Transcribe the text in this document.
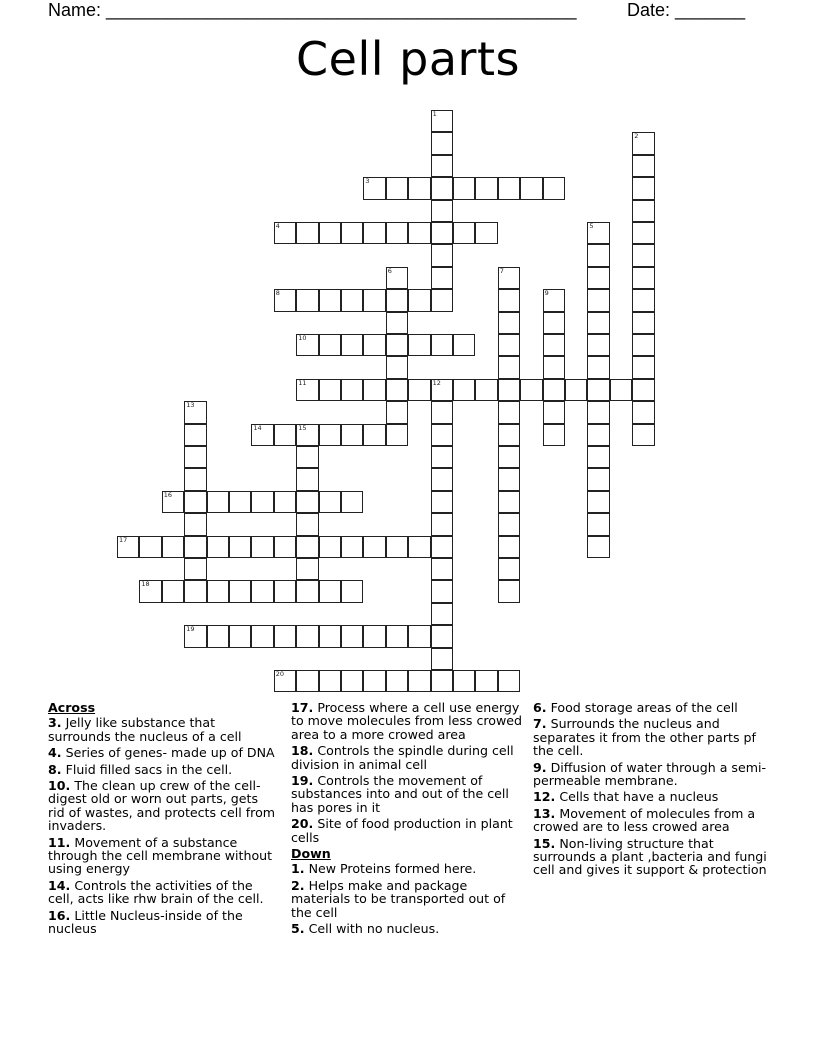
Name: _______________________________________________	Date: _______
Cell parts
1
2
3
4	5
6	7
8	9
10
11	12
13
14	15
16
17
18
19
20
Across
3. Jelly like substance that surrounds the nucleus of a cell
4. Series of genes- made up of DNA
8. Fluid filled sacs in the cell.
10. The clean up crew of the cell-digest old or worn out parts, gets rid of wastes, and protects cell from invaders.
11. Movement of a substance through the cell membrane without using energy
14. Controls the activities of the cell, acts like rhw brain of the cell.
16. Little Nucleus-inside of the nucleus
17. Process where a cell use energy to move molecules from less crowed area to a more crowed area
18. Controls the spindle during cell division in animal cell
19. Controls the movement of substances into and out of the cell has pores in it
20. Site of food production in plant cells
Down
1. New Proteins formed here.
2. Helps make and package materials to be transported out of the cell
5. Cell with no nucleus.
6. Food storage areas of the cell
7. Surrounds the nucleus and separates it from the other parts pf the cell.
9. Diffusion of water through a semi-permeable membrane.
12. Cells that have a nucleus
13. Movement of molecules from a crowed are to less crowed area
15. Non-living structure that surrounds a plant ,bacteria and fungi cell and gives it support & protection
